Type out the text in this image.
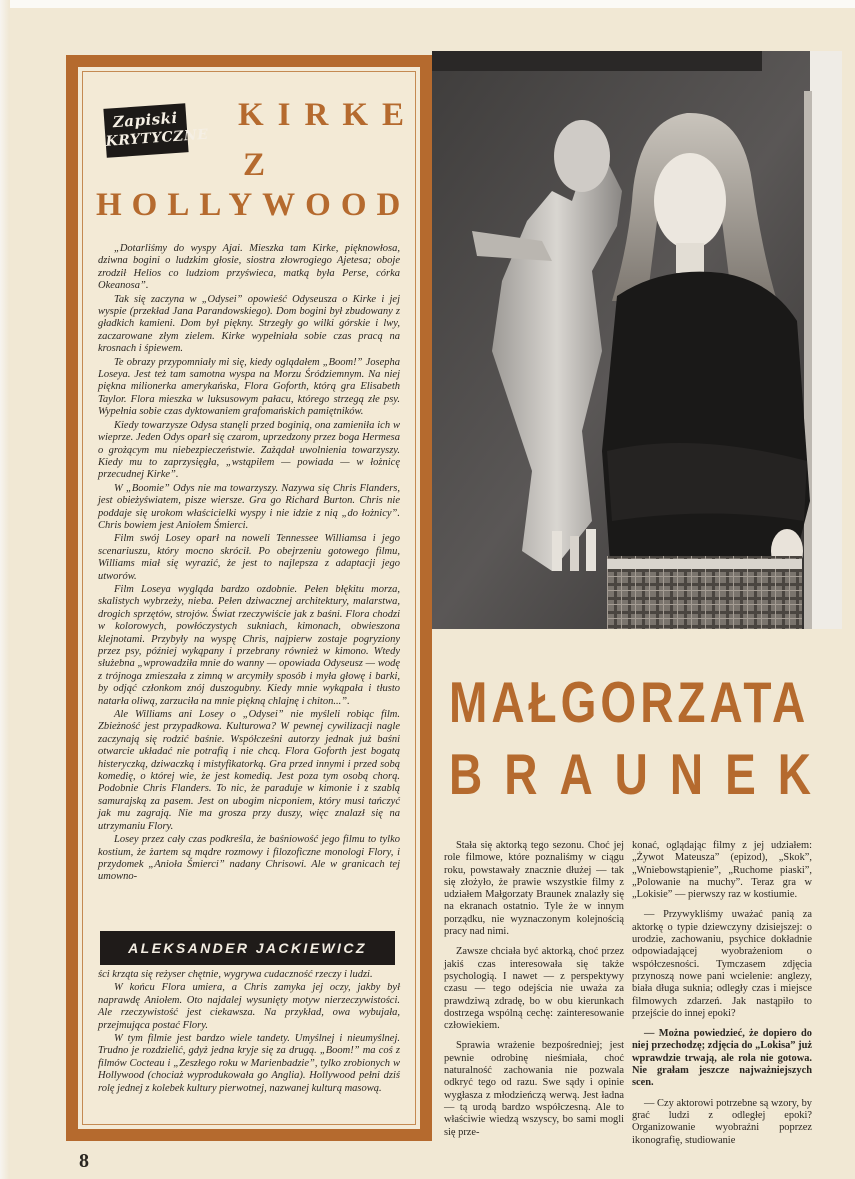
Zapiski
KRYTYCZNE
KIRKE
Z
HOLLYWOOD

„Dotarliśmy do wyspy Ajai. Mieszka tam Kirke, pięknowłosa, dziwna bogini o ludzkim głosie, siostra złowrogiego Ajetesa; oboje zrodził Helios co ludziom przyświeca, matką była Perse, córka Okeanosa”.

Tak się zaczyna w „Odysei” opowieść Odyseusza o Kirke i jej wyspie (przekład Jana Parandowskiego). Dom bogini był zbudowany z gładkich kamieni. Dom był piękny. Strzegły go wilki górskie i lwy, zaczarowane złym zielem. Kirke wypełniała sobie czas pracą na krosnach i śpiewem.

Te obrazy przypomniały mi się, kiedy oglądałem „Boom!” Josepha Loseya. Jest też tam samotna wyspa na Morzu Śródziemnym. Na niej piękna milionerka amerykańska, Flora Goforth, którą gra Elisabeth Taylor. Flora mieszka w luksusowym pałacu, którego strzegą złe psy. Wypełnia sobie czas dyktowaniem grafomańskich pamiętników.

Kiedy towarzysze Odysa stanęli przed boginią, ona zamieniła ich w wieprze. Jeden Odys oparł się czarom, uprzedzony przez boga Hermesa o grożącym mu niebezpieczeństwie. Zażądał uwolnienia towarzyszy. Kiedy mu to zaprzysięgła, „wstąpiłem — powiada — w łożnicę przecudnej Kirke”.

W „Boomie” Odys nie ma towarzyszy. Nazywa się Chris Flanders, jest obieżyświatem, pisze wiersze. Gra go Richard Burton. Chris nie poddaje się urokom właścicielki wyspy i nie idzie z nią „do łożnicy”. Chris bowiem jest Aniołem Śmierci.

Film swój Losey oparł na noweli Tennessee Williamsa i jego scenariuszu, który mocno skrócił. Po obejrzeniu gotowego filmu, Williams miał się wyrazić, że jest to najlepsza z adaptacji jego utworów.

Film Loseya wygląda bardzo ozdobnie. Pełen błękitu morza, skalistych wybrzeży, nieba. Pełen dziwacznej architektury, malarstwa, drogich sprzętów, strojów. Świat rzeczywiście jak z baśni. Flora chodzi w kolorowych, powłóczystych sukniach, kimonach, obwieszona klejnotami. Przybyły na wyspę Chris, najpierw zostaje pogryziony przez psy, później wykąpany i przebrany również w kimono. Wtedy służebna „wprowadziła mnie do wanny — opowiada Odyseusz — wodę z trójnoga zmieszała z zimną w arcymiły sposób i myła głowę i barki, by odjąć członkom znój duszogubny. Kiedy mnie wykąpała i tłusto natarła oliwą, zarzuciła na mnie piękną chlajnę i chiton...”.

Ale Williams ani Losey o „Odysei” nie myśleli robiąc film. Zbieżność jest przypadkowa. Kulturowa? W pewnej cywilizacji nagle zaczynają się rodzić baśnie. Współcześni autorzy jednak już baśni otwarcie układać nie potrafią i nie chcą. Flora Goforth jest bogatą histeryczką, dziwaczką i mistyfikatorką. Gra przed innymi i przed sobą komedię, o której wie, że jest komedią. Jest poza tym osobą chorą. Podobnie Chris Flanders. To nic, że paraduje w kimonie i z szablą samurajską za pasem. Jest on ubogim nicponiem, który musi tańczyć jak mu zagrają. Nie ma grosza przy duszy, więc znalazł się na utrzymaniu Flory.

Losey przez cały czas podkreśla, że baśniowość jego filmu to tylko kostium, że żartem są mądre rozmowy i filozoficzne monologi Flory, i przydomek „Anioła Śmierci” nadany Chrisowi. Ale w granicach tej umowno-

ALEKSANDER JACKIEWICZ

ści krząta się reżyser chętnie, wygrywa cudaczność rzeczy i ludzi.

W końcu Flora umiera, a Chris zamyka jej oczy, jakby był naprawdę Aniołem. Oto najdalej wysunięty motyw nierzeczywistości. Ale rzeczywistość jest ciekawsza. Na przykład, owa wybujała, przejmująca postać Flory.

W tym filmie jest bardzo wiele tandety. Umyślnej i nieumyślnej. Trudno je rozdzielić, gdyż jedna kryje się za drugą. „Boom!” ma coś z filmów Cocteau i „Zeszłego roku w Marienbadzie”, tylko zrobionych w Hollywood (chociaż wyprodukowała go Anglia). Hollywood pełni dziś rolę jednej z kolebek kultury pierwotnej, nazwanej kulturą masową.

MAŁGORZATA
BRAUNEK

Stała się aktorką tego sezonu. Choć jej role filmowe, które poznaliśmy w ciągu roku, powstawały znacznie dłużej — tak się złożyło, że prawie wszystkie filmy z udziałem Małgorzaty Braunek znalazły się na ekranach ostatnio. Tyle że w innym porządku, nie wyznaczonym kolejnością pracy nad nimi.

Zawsze chciała być aktorką, choć przez jakiś czas interesowała się także psychologią. I nawet — z perspektywy czasu — tego odejścia nie uważa za prawdziwą zdradę, bo w obu kierunkach dostrzega wspólną cechę: zainteresowanie człowiekiem.

Sprawia wrażenie bezpośredniej; jest pewnie odrobinę nieśmiała, choć naturalność zachowania nie pozwala odkryć tego od razu. Swe sądy i opinie wygłasza z młodzieńczą werwą. Jest ładna — tą urodą bardzo współczesną. Ale to właściwie wiedzą wszyscy, bo sami mogli się prze-

konać, oglądając filmy z jej udziałem: „Żywot Mateusza” (epizod), „Skok”, „Wniebowstąpienie”, „Ruchome piaski”, „Polowanie na muchy”. Teraz gra w „Lokisie” — pierwszy raz w kostiumie.

— Przywykliśmy uważać panią za aktorkę o typie dziewczyny dzisiejszej: o urodzie, zachowaniu, psychice dokładnie odpowiadającej wyobrażeniom o współczesności. Tymczasem zdjęcia przynoszą nowe pani wcielenie: anglezy, biała długa suknia; odległy czas i miejsce filmowych zdarzeń. Jak nastąpiło to przejście do innej epoki?

— Można powiedzieć, że dopiero do niej przechodzę; zdjęcia do „Lokisa” już wprawdzie trwają, ale rola nie gotowa. Nie grałam jeszcze najważniejszych scen.

— Czy aktorowi potrzebne są wzory, by grać ludzi z odległej epoki? Organizowanie wyobraźni poprzez ikonografię, studiowanie

8
